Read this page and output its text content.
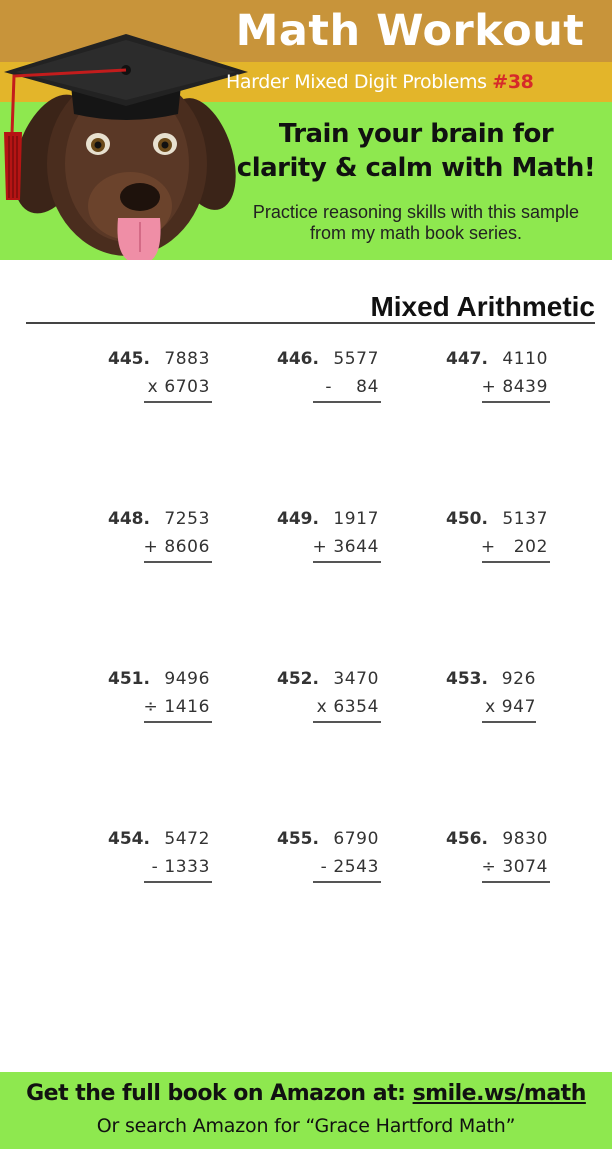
Math Workout
Harder Mixed Digit Problems #38
Train your brain for
clarity & calm with Math!
Practice reasoning skills with this sample
from my math book series.
Mixed Arithmetic
445. 7883
x 6703
446. 5577
-    84
447. 4110
+ 8439
448. 7253
+ 8606
449. 1917
+ 3644
450. 5137
+   202
451. 9496
÷ 1416
452. 3470
x 6354
453. 926
x 947
454. 5472
- 1333
455. 6790
- 2543
456. 9830
÷ 3074
Get the full book on Amazon at: smile.ws/math
Or search Amazon for “Grace Hartford Math”
